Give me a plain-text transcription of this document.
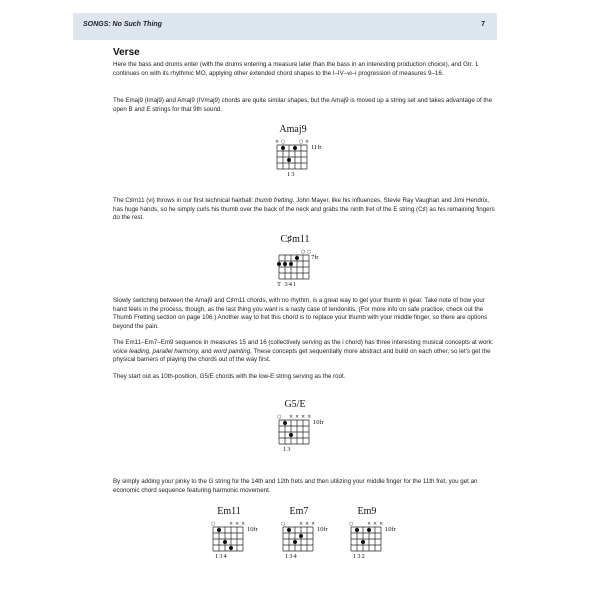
SONGS: No Such Thing	7
Verse
Here the bass and drums enter (with the drums entering a measure later than the bass in an interesting production choice), and Gtr. 1 continues on with its rhythmic MO, applying other extended chord shapes to the I–IV–vi–i progression of measures 9–16.
The Emaj9 (Imaj9) and Amaj9 (IVmaj9) chords are quite similar shapes, but the Amaj9 is moved up a string set and takes advantage of the open B and E strings for that 9th sound.
Amaj9
× ○	○ ×
11fr
13
The C♯m11 (vi) throws in our first technical hairball: thumb fretting. John Mayer, like his influences, Stevie Ray Vaughan and Jimi Hendrix, has huge hands, so he simply curls his thumb over the back of the neck and grabs the ninth fret of the E string (C♯) as his remaining fingers do the rest.
C♯m11
○ ○
7fr
T 341
Slowly switching between the Amaj9 and C♯m11 chords, with no rhythm, is a great way to get your thumb in gear. Take note of how your hand feels in the process, though, as the last thing you want is a nasty case of tendonitis. (For more info on safe practice, check out the Thumb Fretting section on page 106.) Another way to fret this chord is to replace your thumb with your middle finger, so there are options beyond the pain.
The Em11–Em7–Em9 sequence in measures 15 and 16 (collectively serving as the i chord) has three interesting musical concepts at work: voice leading, parallel harmony, and word painting. These concepts get sequentially more abstract and build on each other, so let's get the physical barriers of playing the chords out of the way first.
They start out as 10th-position, G5/E chords with the low-E string serving as the root.
G5/E
○ × × × ×
10fr
13
By simply adding your pinky to the G string for the 14th and 12th frets and then utilizing your middle finger for the 11th fret, you get an economic chord sequence featuring harmonic movement.
Em11
○	× × ×
10fr
134
Em7
○	× × ×
10fr
134
Em9
○	× × ×
10fr
132
